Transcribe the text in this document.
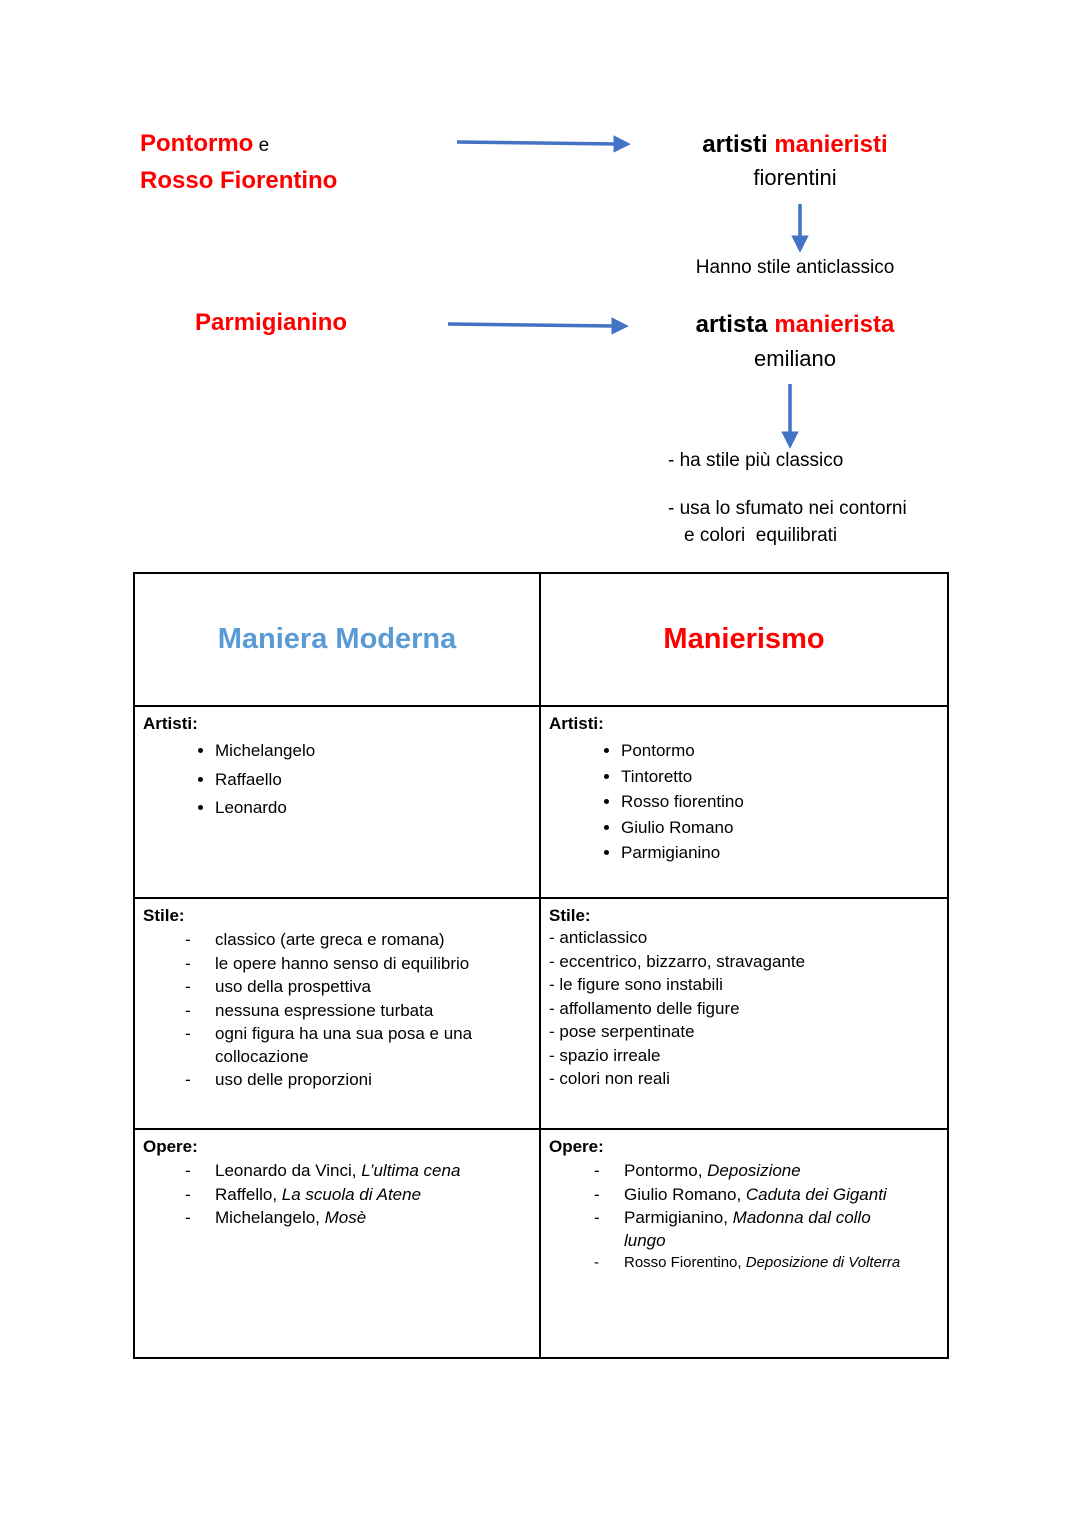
Pontormo e
Rosso Fiorentino
artisti manieristi
fiorentini
Hanno stile anticlassico
Parmigianino	artista manierista
emiliano
- ha stile più classico
- usa lo sfumato nei contorni
e colori  equilibrati
Maniera Moderna	Manierismo
Artisti:
• Michelangelo
• Raffaello
• Leonardo
Artisti:
• Pontormo
• Tintoretto
• Rosso fiorentino
• Giulio Romano
• Parmigianino
Stile:
- classico (arte greca e romana)
- le opere hanno senso di equilibrio
- uso della prospettiva
- nessuna espressione turbata
- ogni figura ha una sua posa e una collocazione
- uso delle proporzioni
Stile:
- anticlassico
- eccentrico, bizzarro, stravagante
- le figure sono instabili
- affollamento delle figure
- pose serpentinate
- spazio irreale
- colori non reali
Opere:
- Leonardo da Vinci, L’ultima cena
- Raffello, La scuola di Atene
- Michelangelo, Mosè
Opere:
- Pontormo, Deposizione
- Giulio Romano, Caduta dei Giganti
- Parmigianino, Madonna dal collo lungo
- Rosso Fiorentino, Deposizione di Volterra
